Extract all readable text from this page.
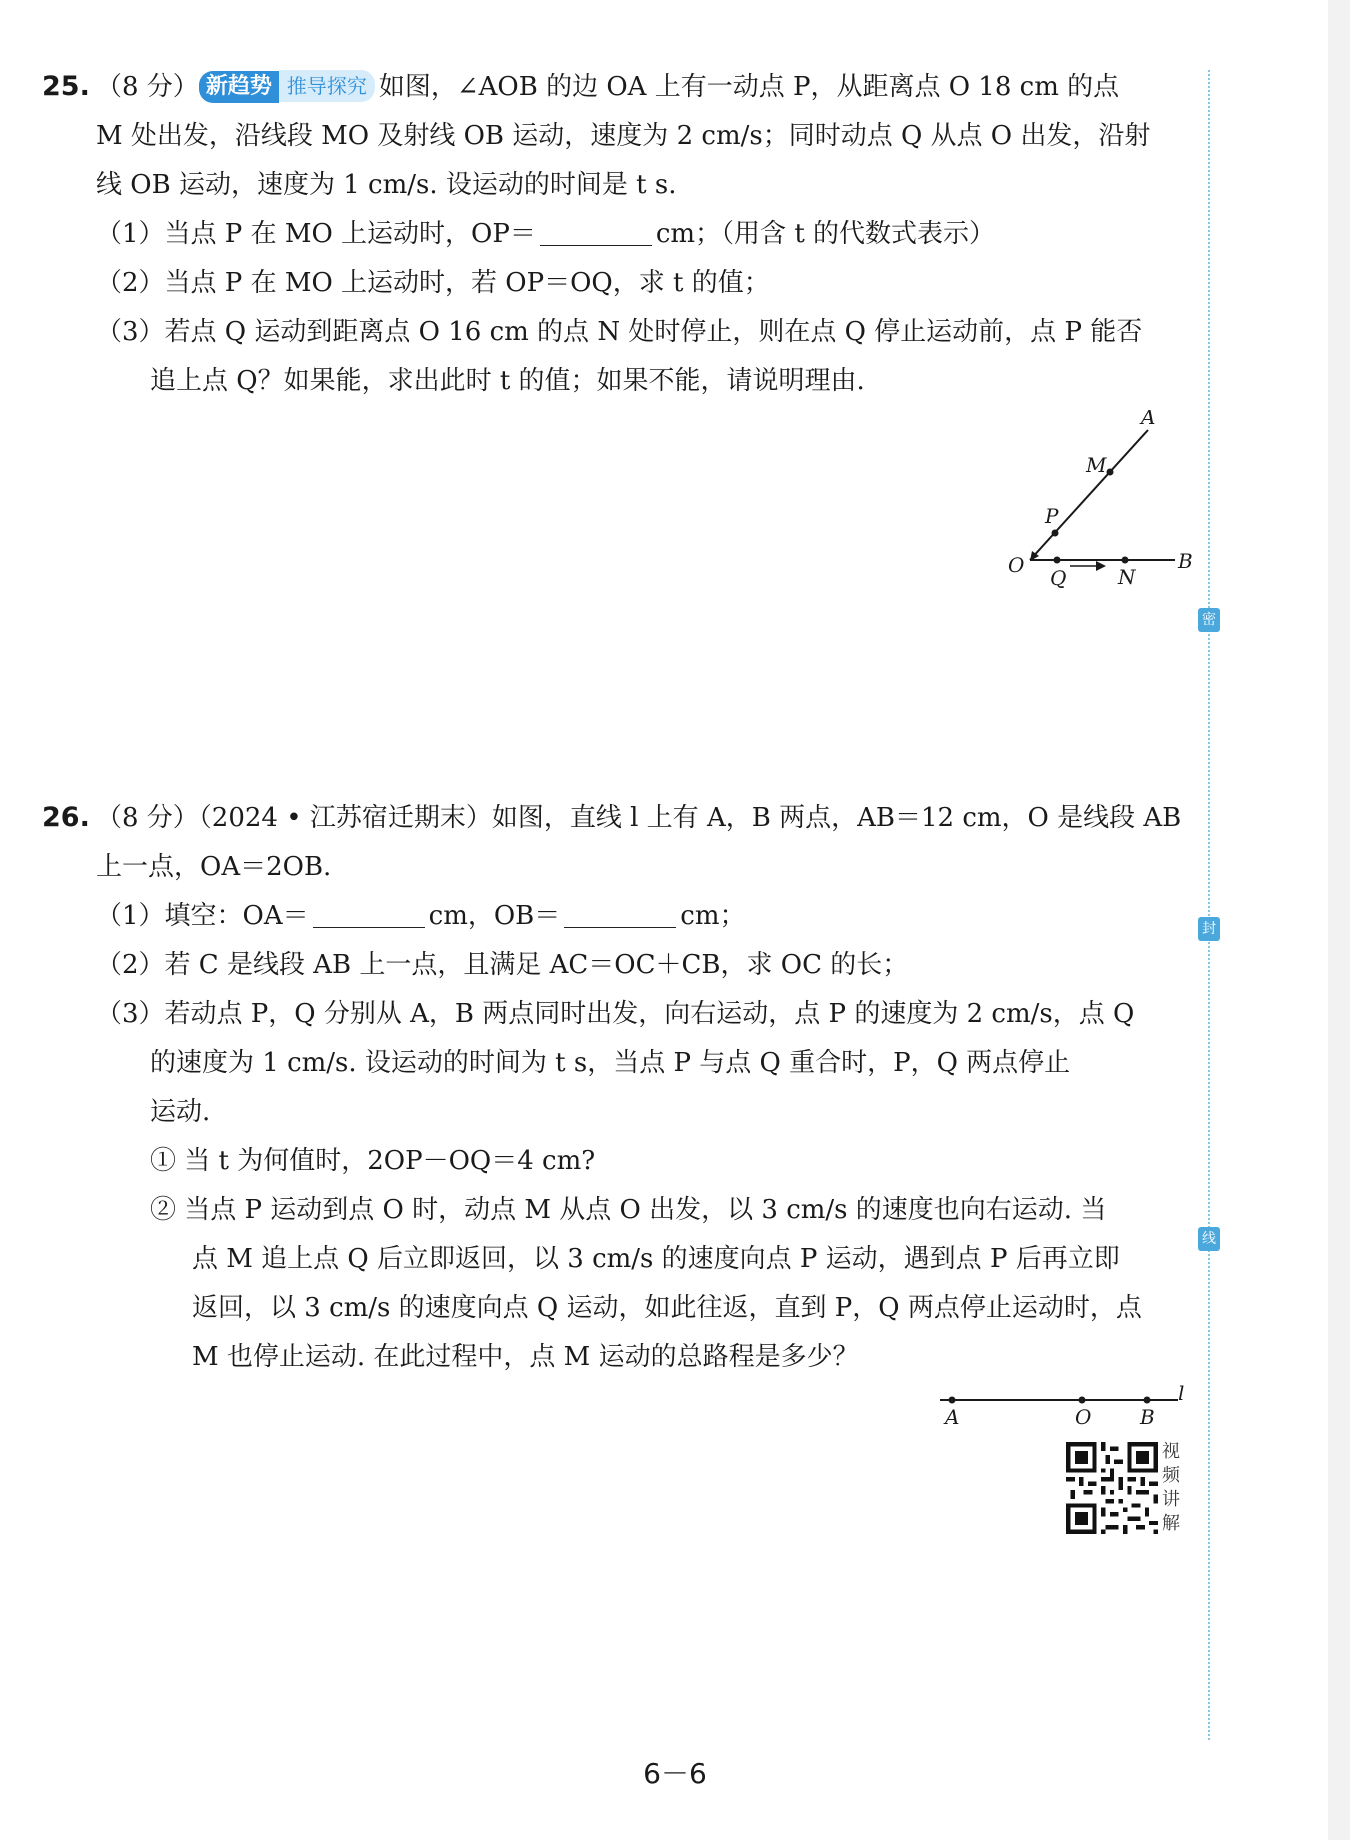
密
封
线
25. （8 分） 新趋势 推导探究 如图，∠AOB 的边 OA 上有一动点 P，从距离点 O 18 cm 的点
M 处出发，沿线段 MO 及射线 OB 运动，速度为 2 cm/s；同时动点 Q 从点 O 出发，沿射
线 OB 运动，速度为 1 cm/s. 设运动的时间是 t s.
（1）当点 P 在 MO 上运动时，OP＝	cm；（用含 t 的代数式表示）
（2）当点 P 在 MO 上运动时，若 OP＝OQ，求 t 的值；
（3）若点 Q 运动到距离点 O 16 cm 的点 N 处时停止，则在点 Q 停止运动前，点 P 能否
追上点 Q？如果能，求出此时 t 的值；如果不能，请说明理由.
A
M
P
O
Q	N
B
26. （8 分）（2024 • 江苏宿迁期末）如图，直线 l 上有 A，B 两点，AB＝12 cm，O 是线段 AB
上一点，OA＝2OB.
（1）填空：OA＝	cm，OB＝	cm；
（2）若 C 是线段 AB 上一点，且满足 AC＝OC＋CB，求 OC 的长；
（3）若动点 P，Q 分别从 A，B 两点同时出发，向右运动，点 P 的速度为 2 cm/s，点 Q
的速度为 1 cm/s. 设运动的时间为 t s，当点 P 与点 Q 重合时，P，Q 两点停止
运动.
① 当 t 为何值时，2OP－OQ＝4 cm?
② 当点 P 运动到点 O 时，动点 M 从点 O 出发，以 3 cm/s 的速度也向右运动. 当
点 M 追上点 Q 后立即返回，以 3 cm/s 的速度向点 P 运动，遇到点 P 后再立即
返回，以 3 cm/s 的速度向点 Q 运动，如此往返，直到 P，Q 两点停止运动时，点
M 也停止运动. 在此过程中，点 M 运动的总路程是多少？
A	O B
l
视
频
讲
解
6－6
